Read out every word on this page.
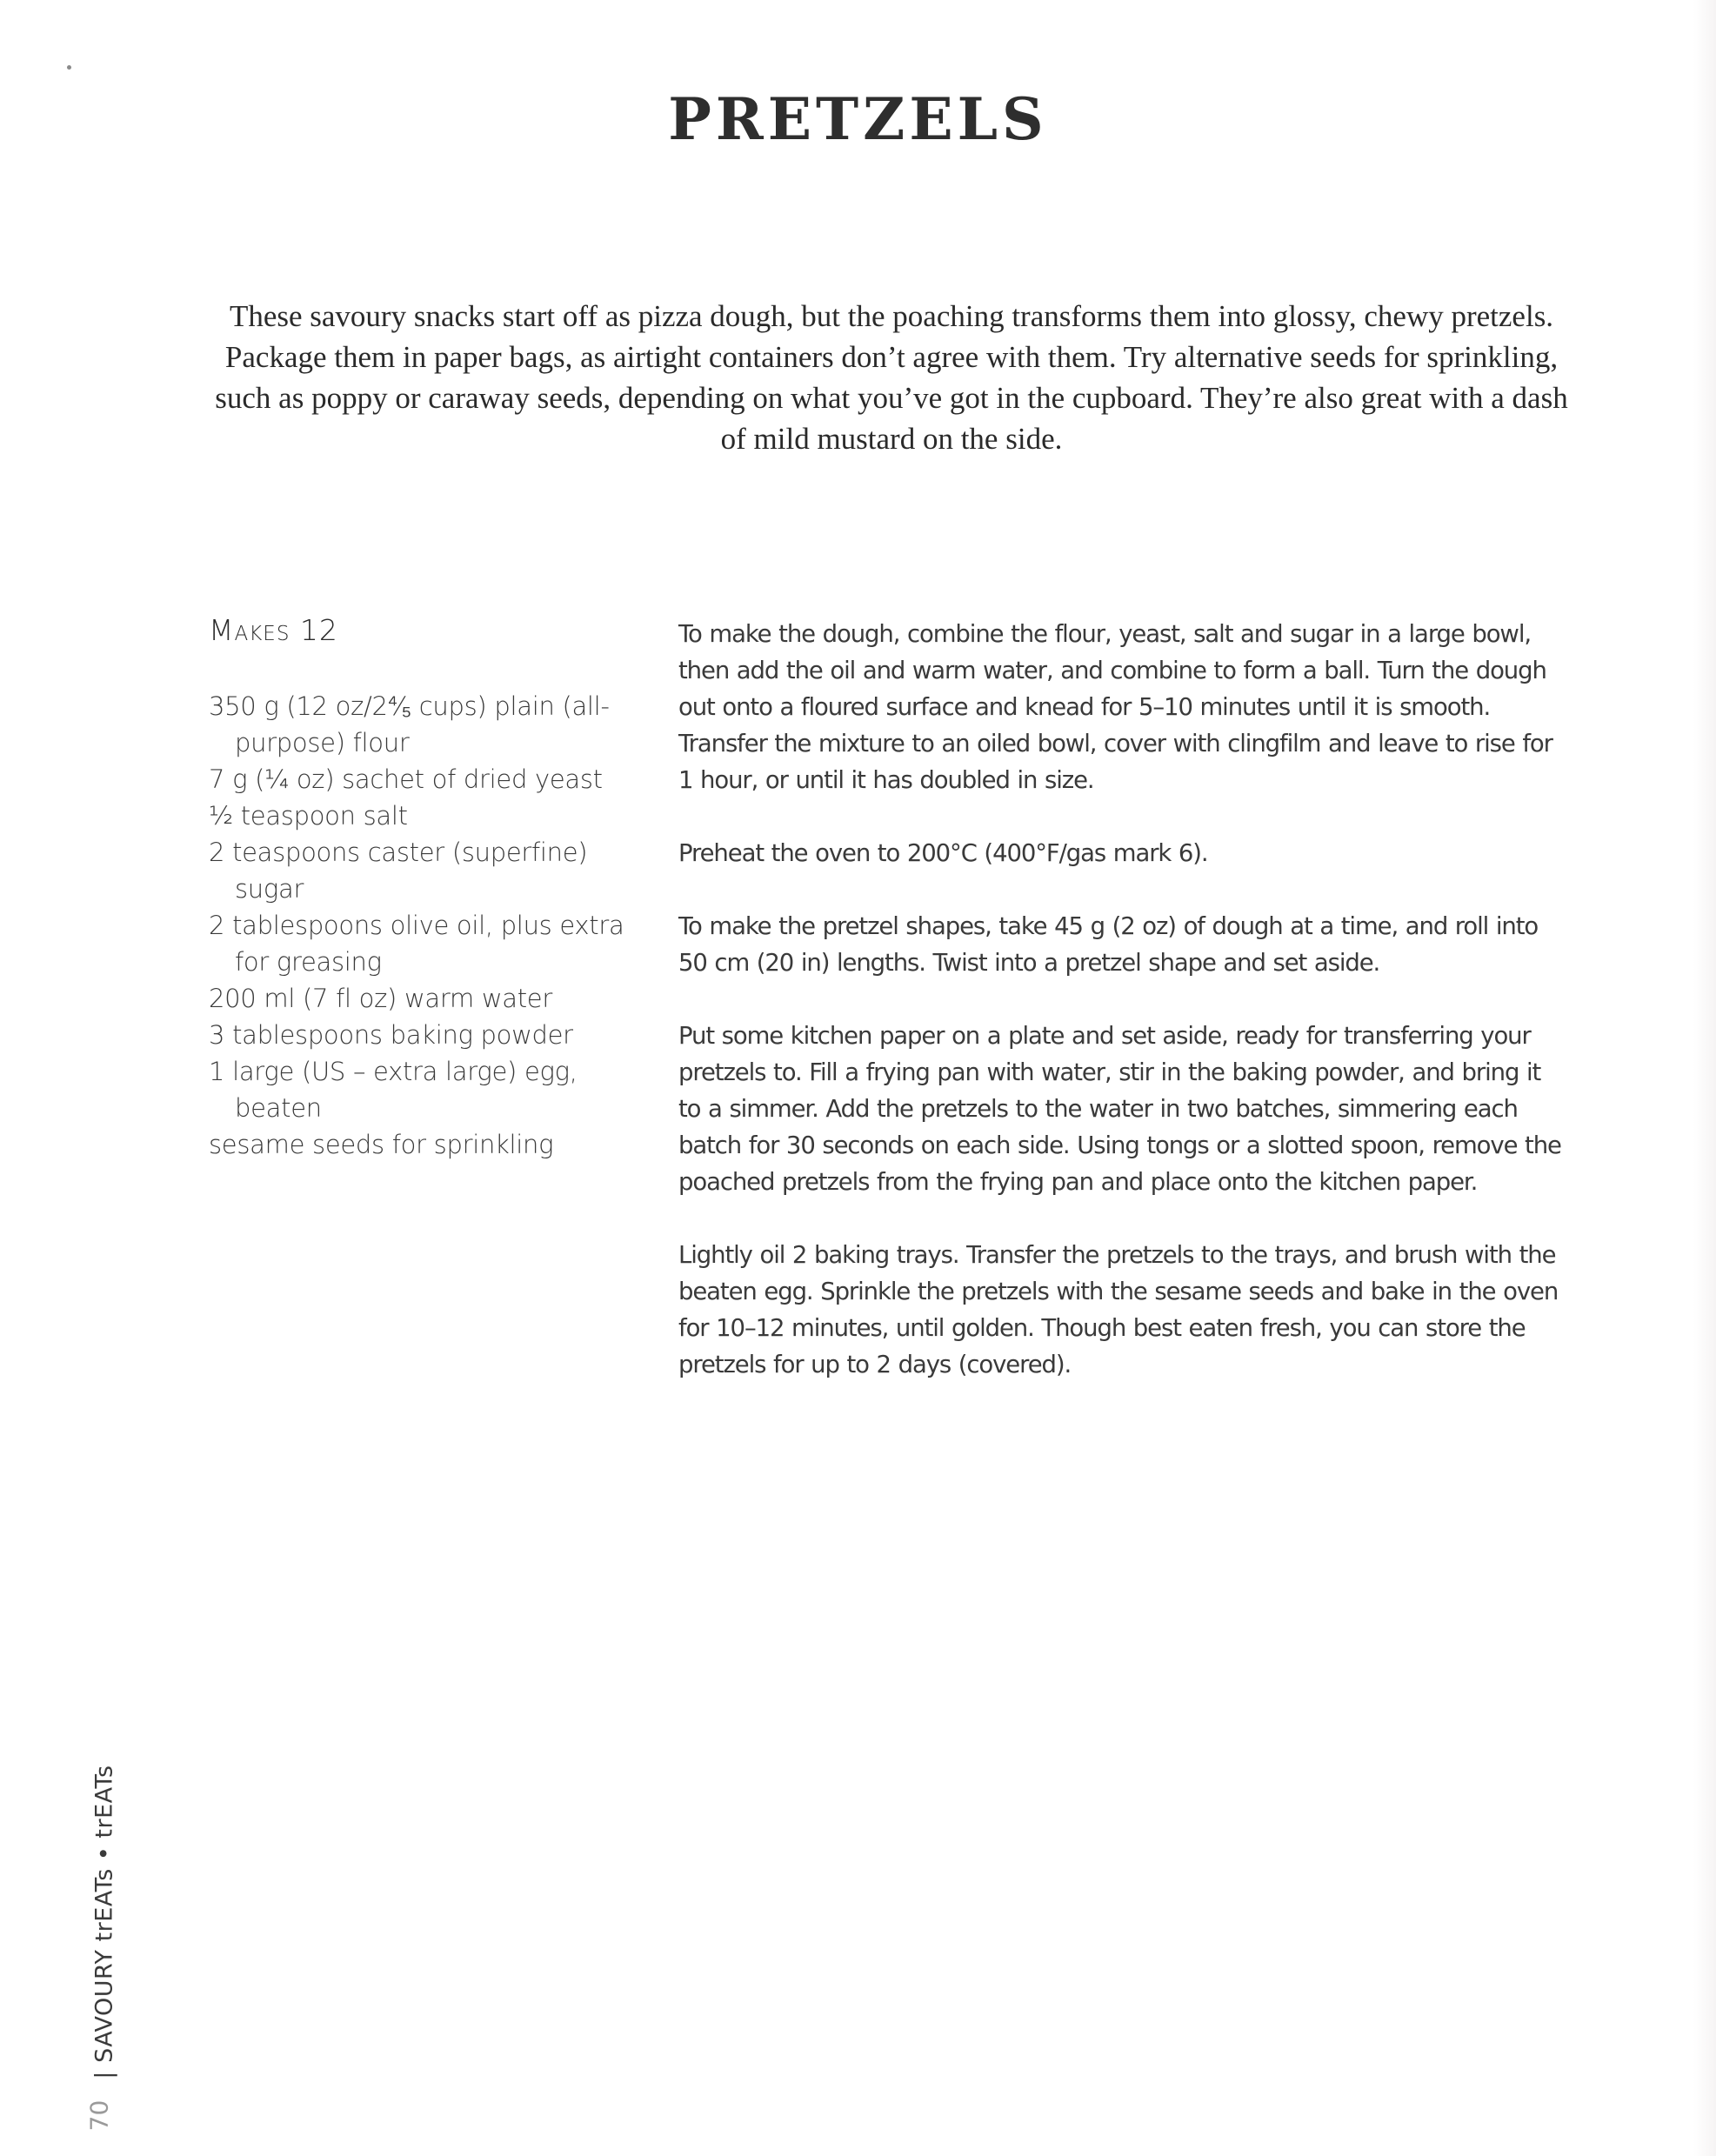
PRETZELS

These savoury snacks start off as pizza dough, but the poaching transforms them into glossy, chewy pretzels. Package them in paper bags, as airtight containers don’t agree with them. Try alternative seeds for sprinkling, such as poppy or caraway seeds, depending on what you’ve got in the cupboard. They’re also great with a dash of mild mustard on the side.

Makes 12

350 g (12 oz/2⁴⁄₅ cups) plain (all-purpose) flour
7 g (¼ oz) sachet of dried yeast
½ teaspoon salt
2 teaspoons caster (superfine) sugar
2 tablespoons olive oil, plus extra for greasing
200 ml (7 fl oz) warm water
3 tablespoons baking powder
1 large (US – extra large) egg, beaten
sesame seeds for sprinkling

To make the dough, combine the flour, yeast, salt and sugar in a large bowl, then add the oil and warm water, and combine to form a ball. Turn the dough out onto a floured surface and knead for 5–10 minutes until it is smooth. Transfer the mixture to an oiled bowl, cover with clingfilm and leave to rise for 1 hour, or until it has doubled in size.

Preheat the oven to 200°C (400°F/gas mark 6).

To make the pretzel shapes, take 45 g (2 oz) of dough at a time, and roll into 50 cm (20 in) lengths. Twist into a pretzel shape and set aside.

Put some kitchen paper on a plate and set aside, ready for transferring your pretzels to. Fill a frying pan with water, stir in the baking powder, and bring it to a simmer. Add the pretzels to the water in two batches, simmering each batch for 30 seconds on each side. Using tongs or a slotted spoon, remove the poached pretzels from the frying pan and place onto the kitchen paper.

Lightly oil 2 baking trays. Transfer the pretzels to the trays, and brush with the beaten egg. Sprinkle the pretzels with the sesame seeds and bake in the oven for 10–12 minutes, until golden. Though best eaten fresh, you can store the pretzels for up to 2 days (covered).

| SAVOURY trEATs • trEATs
70
